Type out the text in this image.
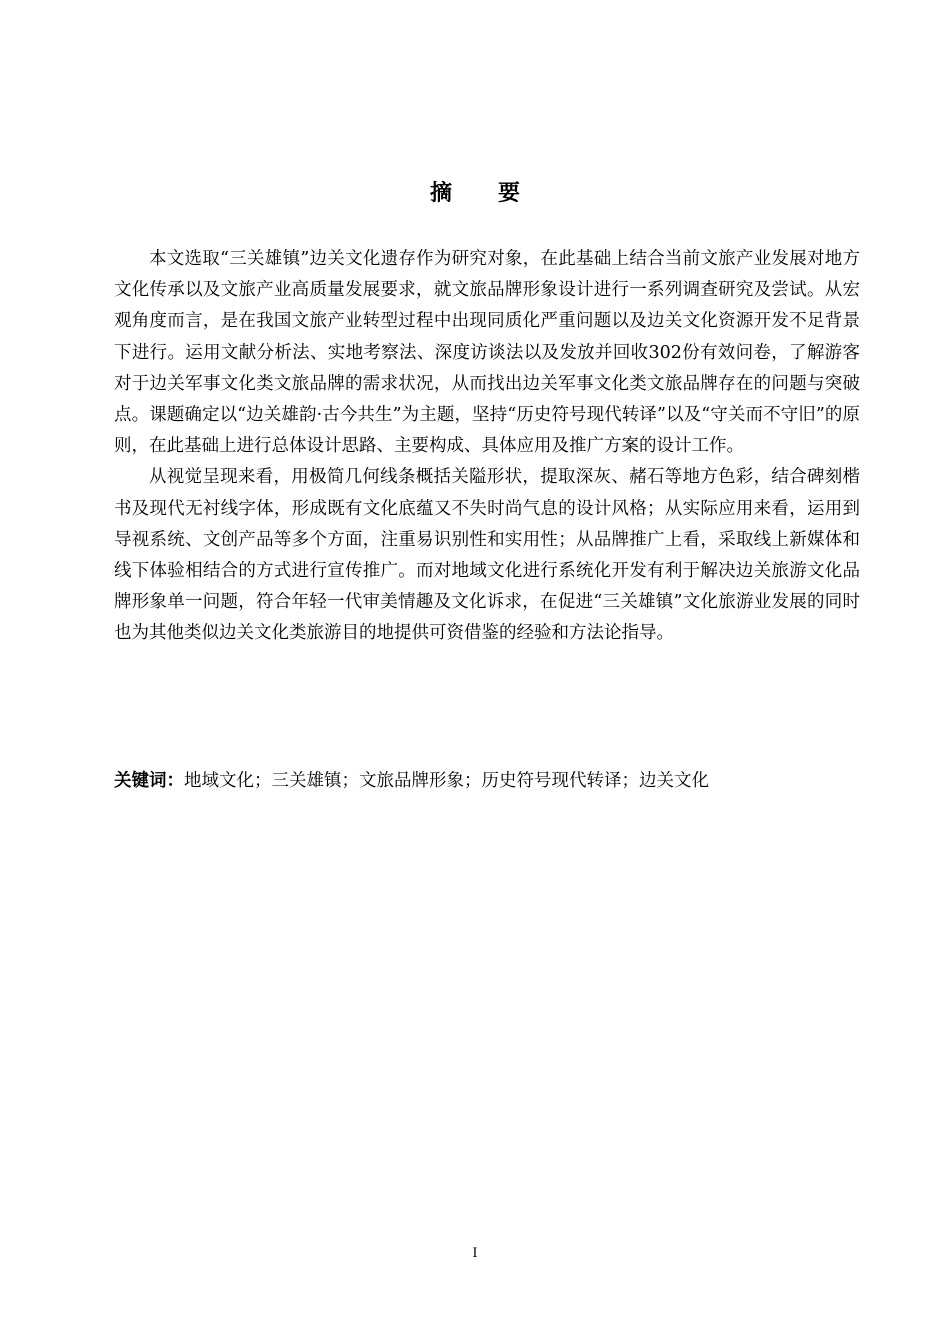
摘 要

本文选取“三关雄镇”边关文化遗存作为研究对象，在此基础上结合当前文旅产业发展对地方文化传承以及文旅产业高质量发展要求，就文旅品牌形象设计进行一系列调查研究及尝试。从宏观角度而言，是在我国文旅产业转型过程中出现同质化严重问题以及边关文化资源开发不足背景下进行。运用文献分析法、实地考察法、深度访谈法以及发放并回收302份有效问卷，了解游客对于边关军事文化类文旅品牌的需求状况，从而找出边关军事文化类文旅品牌存在的问题与突破点。课题确定以“边关雄韵·古今共生”为主题，坚持“历史符号现代转译”以及“守关而不守旧”的原则，在此基础上进行总体设计思路、主要构成、具体应用及推广方案的设计工作。

从视觉呈现来看，用极简几何线条概括关隘形状，提取深灰、赭石等地方色彩，结合碑刻楷书及现代无衬线字体，形成既有文化底蕴又不失时尚气息的设计风格；从实际应用来看，运用到导视系统、文创产品等多个方面，注重易识别性和实用性；从品牌推广上看，采取线上新媒体和线下体验相结合的方式进行宣传推广。而对地域文化进行系统化开发有利于解决边关旅游文化品牌形象单一问题，符合年轻一代审美情趣及文化诉求，在促进“三关雄镇”文化旅游业发展的同时也为其他类似边关文化类旅游目的地提供可资借鉴的经验和方法论指导。

关键词：地域文化；三关雄镇；文旅品牌形象；历史符号现代转译；边关文化
I
